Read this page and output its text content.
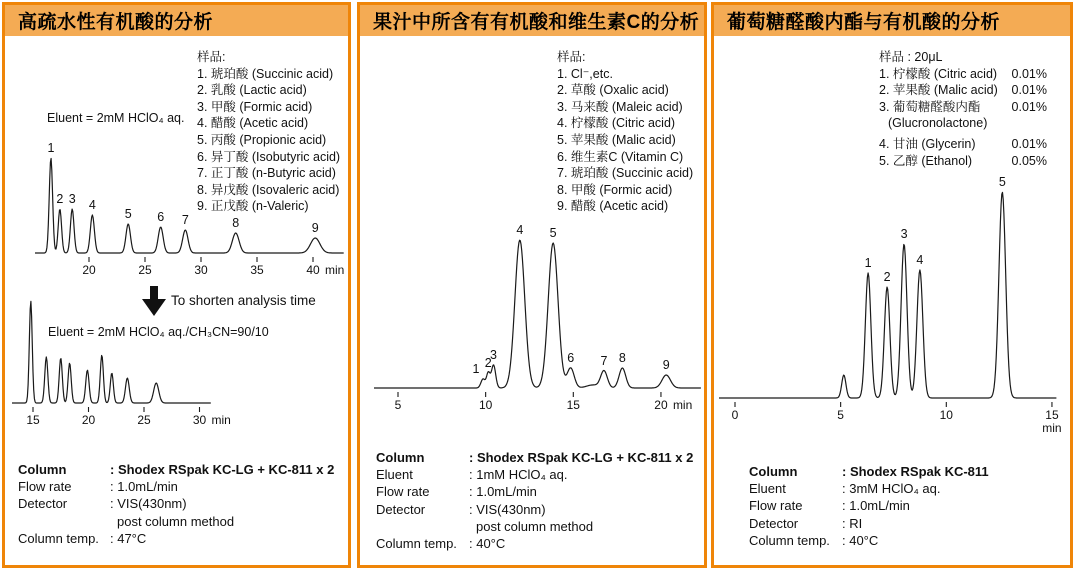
高疏水性有机酸的分析
样品:
1. 琥珀酸 (Succinic acid)
2. 乳酸 (Lactic acid)
3. 甲酸 (Formic acid)
4. 醋酸 (Acetic acid)
5. 丙酸 (Propionic acid)
6. 异丁酸 (Isobutyric acid)
7. 正丁酸 (n-Butyric acid)
8. 异戊酸 (Isovaleric acid)
9. 正戊酸 (n-Valeric)
Eluent = 2mM HClO₄ aq.
20	25	30	35	40 min
1
2 3 4
5 6 7	8	9
To shorten analysis time
Eluent = 2mM HClO₄ aq./CH₃CN=90/10
15	20	25	30 min
Column	: Shodex RSpak KC-LG + KC-811 x 2
Flow rate	: 1.0mL/min
Detector	: VIS(430nm)
post column method
Column temp. : 47°C
果汁中所含有有机酸和维生素C的分析
样品:
1. Cl⁻,etc.
2. 草酸 (Oxalic acid)
3. 马来酸 (Maleic acid)
4. 柠檬酸 (Citric acid)
5. 苹果酸 (Malic acid)
6. 维生素C (Vitamin C)
7. 琥珀酸 (Succinic acid)
8. 甲酸 (Formic acid)
9. 醋酸 (Acetic acid)
5	10	15	20 min
1 2
3
4 5
6 7 8	9
Column	: Shodex RSpak KC-LG + KC-811 x 2
Eluent	: 1mM HClO₄ aq.
Flow rate	: 1.0mL/min
Detector	: VIS(430nm)
post column method
Column temp. : 40°C
葡萄糖醛酸内酯与有机酸的分析
样品 : 20μL
1. 柠檬酸 (Citric acid) 0.01%
2. 苹果酸 (Malic acid) 0.01%
3. 葡萄糖醛酸内酯 0.01%
(Glucronolactone)
4. 甘油 (Glycerin)	0.01%
5. 乙醇 (Ethanol)	0.05%
0	5	10	15
min
1
2
3
4
5
Column	: Shodex RSpak KC-811
Eluent	: 3mM HClO₄ aq.
Flow rate	: 1.0mL/min
Detector	: RI
Column temp. : 40°C
